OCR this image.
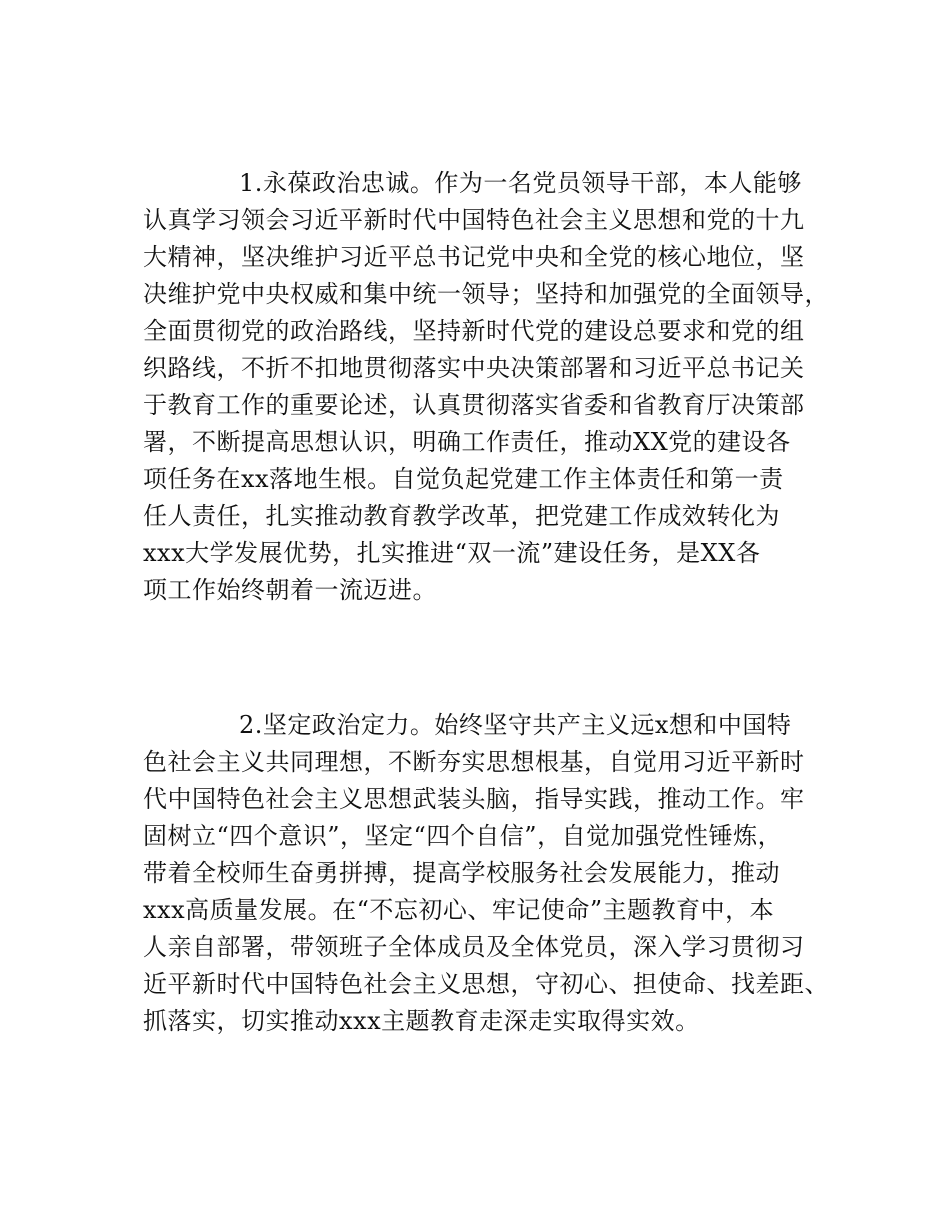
1.永葆政治忠诚。作为一名党员领导干部，本人能够
认真学习领会习近平新时代中国特色社会主义思想和党的十九
大精神，坚决维护习近平总书记党中央和全党的核心地位，坚
决维护党中央权威和集中统一领导；坚持和加强党的全面领导，
全面贯彻党的政治路线，坚持新时代党的建设总要求和党的组
织路线，不折不扣地贯彻落实中央决策部署和习近平总书记关
于教育工作的重要论述，认真贯彻落实省委和省教育厅决策部
署，不断提高思想认识，明确工作责任，推动XX党的建设各
项任务在xx落地生根。自觉负起党建工作主体责任和第一责
任人责任，扎实推动教育教学改革，把党建工作成效转化为
xxx大学发展优势，扎实推进“双一流”建设任务，是XX各
项工作始终朝着一流迈进。
2.坚定政治定力。始终坚守共产主义远x想和中国特
色社会主义共同理想，不断夯实思想根基，自觉用习近平新时
代中国特色社会主义思想武装头脑，指导实践，推动工作。牢
固树立“四个意识”，坚定“四个自信”，自觉加强党性锤炼，
带着全校师生奋勇拼搏，提高学校服务社会发展能力，推动
xxx高质量发展。在“不忘初心、牢记使命”主题教育中，本
人亲自部署，带领班子全体成员及全体党员，深入学习贯彻习
近平新时代中国特色社会主义思想，守初心、担使命、找差距、
抓落实，切实推动xxx主题教育走深走实取得实效。
